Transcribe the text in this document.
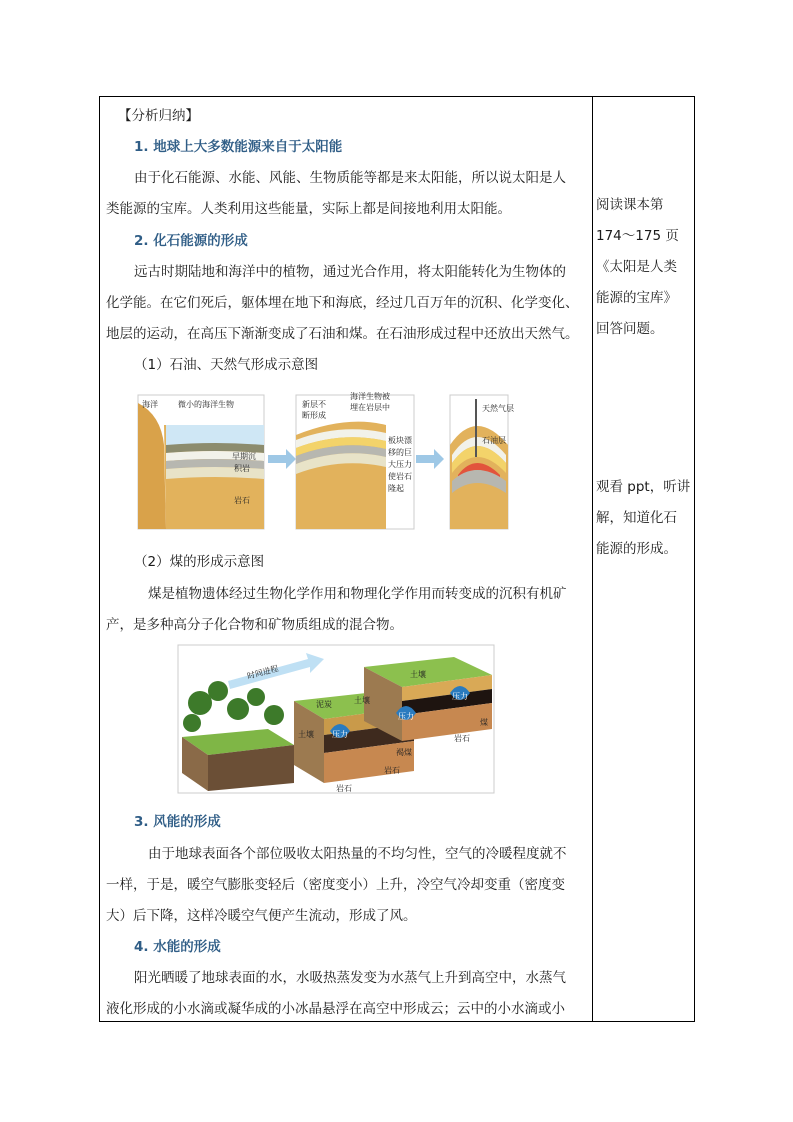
【分析归纳】
1. 地球上大多数能源来自于太阳能
由于化石能源、水能、风能、生物质能等都是来太阳能，所以说太阳是人
类能源的宝库。人类利用这些能量，实际上都是间接地利用太阳能。
2. 化石能源的形成
远古时期陆地和海洋中的植物，通过光合作用，将太阳能转化为生物体的
化学能。在它们死后，躯体埋在地下和海底，经过几百万年的沉积、化学变化、
地层的运动，在高压下渐渐变成了石油和煤。在石油形成过程中还放出天然气。
（1）石油、天然气形成示意图
海洋	微小的海洋生物
早期沉
积岩
岩石
新层不
断形成
海洋生物被
埋在岩层中
板块漂
移的巨
大压力
使岩石
隆起
天然气层
石油层
（2）煤的形成示意图
煤是植物遗体经过生物化学作用和物理化学作用而转变成的沉积有机矿
产，是多种高分子化合物和矿物质组成的混合物。
时间进程
压力
压力
压力
土壤
泥炭	土壤
土壤
褐煤
煤
岩石
岩石
岩石
3. 风能的形成
由于地球表面各个部位吸收太阳热量的不均匀性，空气的冷暖程度就不
一样，于是，暖空气膨胀变轻后（密度变小）上升，冷空气冷却变重（密度变
大）后下降，这样冷暖空气便产生流动，形成了风。
4. 水能的形成
阳光晒暖了地球表面的水，水吸热蒸发变为水蒸气上升到高空中，水蒸气
液化形成的小水滴或凝华成的小冰晶悬浮在高空中形成云；云中的小水滴或小
阅读课本第
174～175 页
《太阳是人类
能源的宝库》
回答问题。
观看 ppt，听讲
解，知道化石
能源的形成。
